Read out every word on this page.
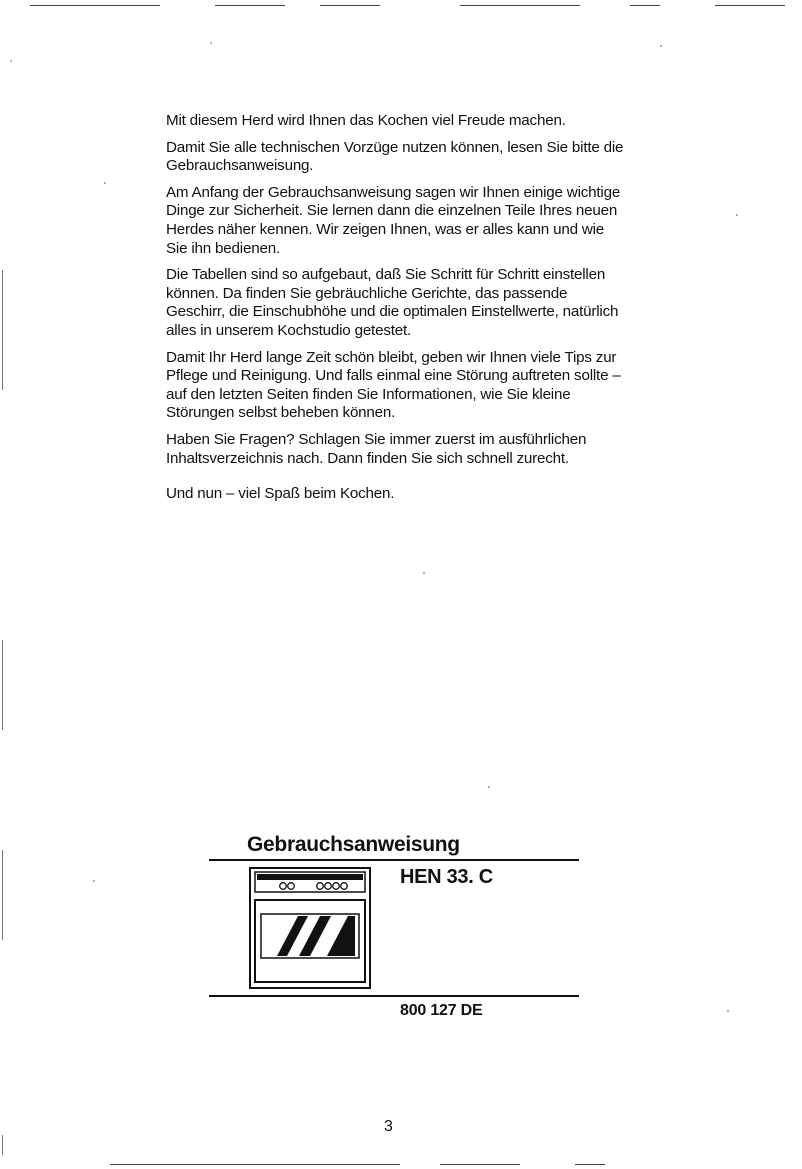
Mit diesem Herd wird Ihnen das Kochen viel Freude machen.

Damit Sie alle technischen Vorzüge nutzen können, lesen Sie bitte die Gebrauchsanweisung.

Am Anfang der Gebrauchsanweisung sagen wir Ihnen einige wichtige Dinge zur Sicherheit. Sie lernen dann die einzelnen Teile Ihres neuen Herdes näher kennen. Wir zeigen Ihnen, was er alles kann und wie Sie ihn bedienen.

Die Tabellen sind so aufgebaut, daß Sie Schritt für Schritt einstellen können. Da finden Sie gebräuchliche Gerichte, das passende Geschirr, die Einschubhöhe und die optimalen Einstellwerte, natürlich alles in unserem Kochstudio getestet.

Damit Ihr Herd lange Zeit schön bleibt, geben wir Ihnen viele Tips zur Pflege und Reinigung. Und falls einmal eine Störung auftreten sollte – auf den letzten Seiten finden Sie Informationen, wie Sie kleine Störungen selbst beheben können.

Haben Sie Fragen? Schlagen Sie immer zuerst im ausführlichen Inhaltsverzeichnis nach. Dann finden Sie sich schnell zurecht.

Und nun – viel Spaß beim Kochen.

Gebrauchsanweisung
HEN 33. C
800 127 DE
3
